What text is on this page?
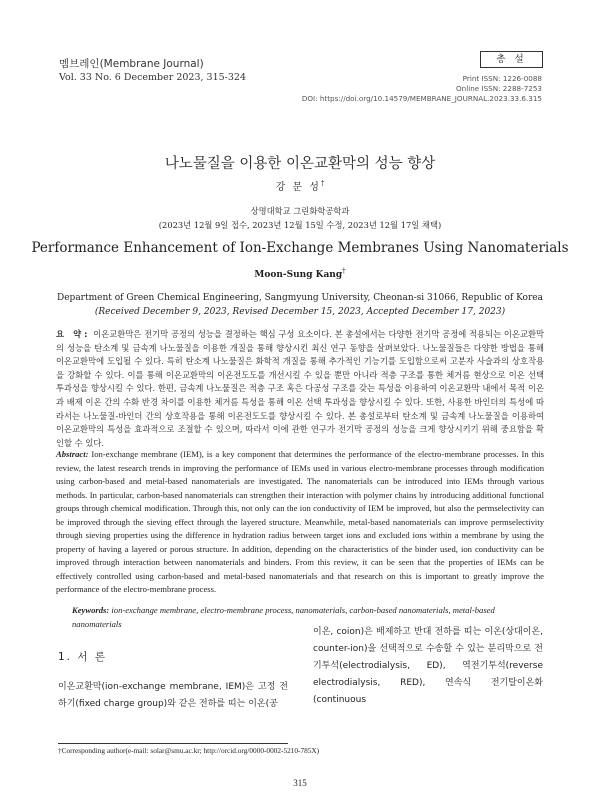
멤브레인(Membrane Journal)
Vol. 33 No. 6 December 2023, 315-324
총 설
Print ISSN: 1226-0088
Online ISSN: 2288-7253
DOI: https://doi.org/10.14579/MEMBRANE_JOURNAL.2023.33.6.315
나노물질을 이용한 이온교환막의 성능 향상
강 문 성†
상명대학교 그린화학공학과
(2023년 12월 9일 접수, 2023년 12월 15일 수정, 2023년 12월 17일 채택)
Performance Enhancement of Ion-Exchange Membranes Using Nanomaterials
Moon-Sung Kang†
Department of Green Chemical Engineering, Sangmyung University, Cheonan-si 31066, Republic of Korea
(Received December 9, 2023, Revised December 15, 2023, Accepted December 17, 2023)
요 약: 이온교환막은 전기막 공정의 성능을 결정하는 핵심 구성 요소이다. 본 총설에서는 다양한 전기막 공정에 적용되는 이온교환막의 성능을 탄소계 및 금속계 나노물질을 이용한 개질을 통해 향상시킨 최신 연구 동향을 살펴보았다. 나노물질들은 다양한 방법을 통해 이온교환막에 도입될 수 있다. 특히 탄소계 나노물질은 화학적 개질을 통해 추가적인 기능기를 도입함으로써 고분자 사슬과의 상호작용을 강화할 수 있다. 이를 통해 이온교환막의 이온전도도를 개선시킬 수 있을 뿐만 아니라 적층 구조를 통한 체거름 현상으로 이온 선택 투과성을 향상시킬 수 있다. 한편, 금속계 나노물질은 적층 구조 혹은 다공성 구조를 갖는 특성을 이용하여 이온교환막 내에서 목적 이온과 배제 이온 간의 수화 반경 차이를 이용한 체거름 특성을 통해 이온 선택 투과성을 향상시킬 수 있다. 또한, 사용한 바인더의 특성에 따라서는 나노물질-바인더 간의 상호작용을 통해 이온전도도를 향상시킬 수 있다. 본 총설로부터 탄소계 및 금속계 나노물질을 이용하여 이온교환막의 특성을 효과적으로 조절할 수 있으며, 따라서 이에 관한 연구가 전기막 공정의 성능을 크게 향상시키기 위해 중요함을 확인할 수 있다.
Abstract: Ion-exchange membrane (IEM), is a key component that determines the performance of the electro-membrane processes. In this review, the latest research trends in improving the performance of IEMs used in various electro-membrane processes through modification using carbon-based and metal-based nanomaterials are investigated. The nanomaterials can be introduced into IEMs through various methods. In particular, carbon-based nanomaterials can strengthen their interaction with polymer chains by introducing additional functional groups through chemical modification. Through this, not only can the ion conductivity of IEM be improved, but also the permselectivity can be improved through the sieving effect through the layered structure. Meanwhile, metal-based nanomaterials can improve permselectivity through sieving properties using the difference in hydration radius between target ions and excluded ions within a membrane by using the property of having a layered or porous structure. In addition, depending on the characteristics of the binder used, ion conductivity can be improved through interaction between nanomaterials and binders. From this review, it can be seen that the properties of IEMs can be effectively controlled using carbon-based and metal-based nanomaterials and that research on this is important to greatly improve the performance of the electro-membrane process.
Keywords: ion-exchange membrane, electro-membrane process, nanomaterials, carbon-based nanomaterials, metal-based nanomaterials
1. 서 론
이온교환막(ion-exchange membrane, IEM)은 고정 전하기(fixed charge group)와 같은 전하를 띠는 이온(공
이온, coion)은 배제하고 반대 전하를 띠는 이온(상대이온, counter-ion)을 선택적으로 수송할 수 있는 분리막으로 전기투석(electrodialysis, ED), 역전기투석(reverse electrodialysis, RED), 연속식 전기탈이온화(continuous
†Corresponding author(e-mail: solar@smu.ac.kr; http://orcid.org/0000-0002-5210-785X)
315
